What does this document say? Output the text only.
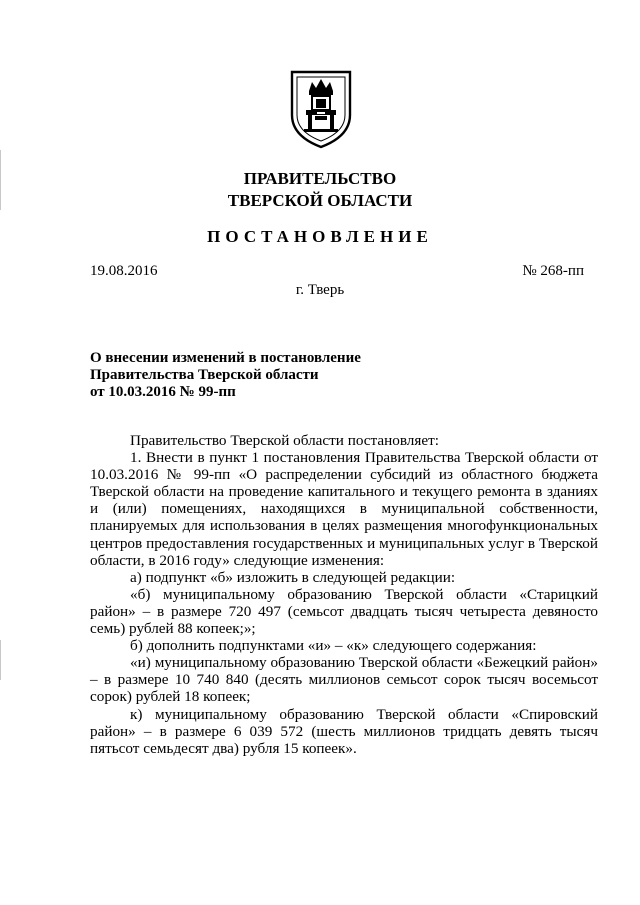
ПРАВИТЕЛЬСТВО
ТВЕРСКОЙ ОБЛАСТИ
ПОСТАНОВЛЕНИЕ
19.08.2016	№ 268-пп
г. Тверь
О внесении изменений в постановление
Правительства Тверской области
от 10.03.2016 № 99-пп

Правительство Тверской области постановляет:

1. Внести в пункт 1 постановления Правительства Тверской области от 10.03.2016 № 99-пп «О распределении субсидий из областного бюджета Тверской области на проведение капитального и текущего ремонта в зданиях и (или) помещениях, находящихся в муниципальной собственности, планируемых для использования в целях размещения многофункциональных центров предоставления государственных и муниципальных услуг в Тверской области, в 2016 году» следующие изменения:

а) подпункт «б» изложить в следующей редакции:

«б) муниципальному образованию Тверской области «Старицкий район» – в размере 720 497 (семьсот двадцать тысяч четыреста девяносто семь) рублей 88 копеек;»;

б) дополнить подпунктами «и» – «к» следующего содержания:

«и) муниципальному образованию Тверской области «Бежецкий район» – в размере 10 740 840 (десять миллионов семьсот сорок тысяч восемьсот сорок) рублей 18 копеек;

к) муниципальному образованию Тверской области «Спировский район» – в размере 6 039 572 (шесть миллионов тридцать девять тысяч пятьсот семьдесят два) рубля 15 копеек».
